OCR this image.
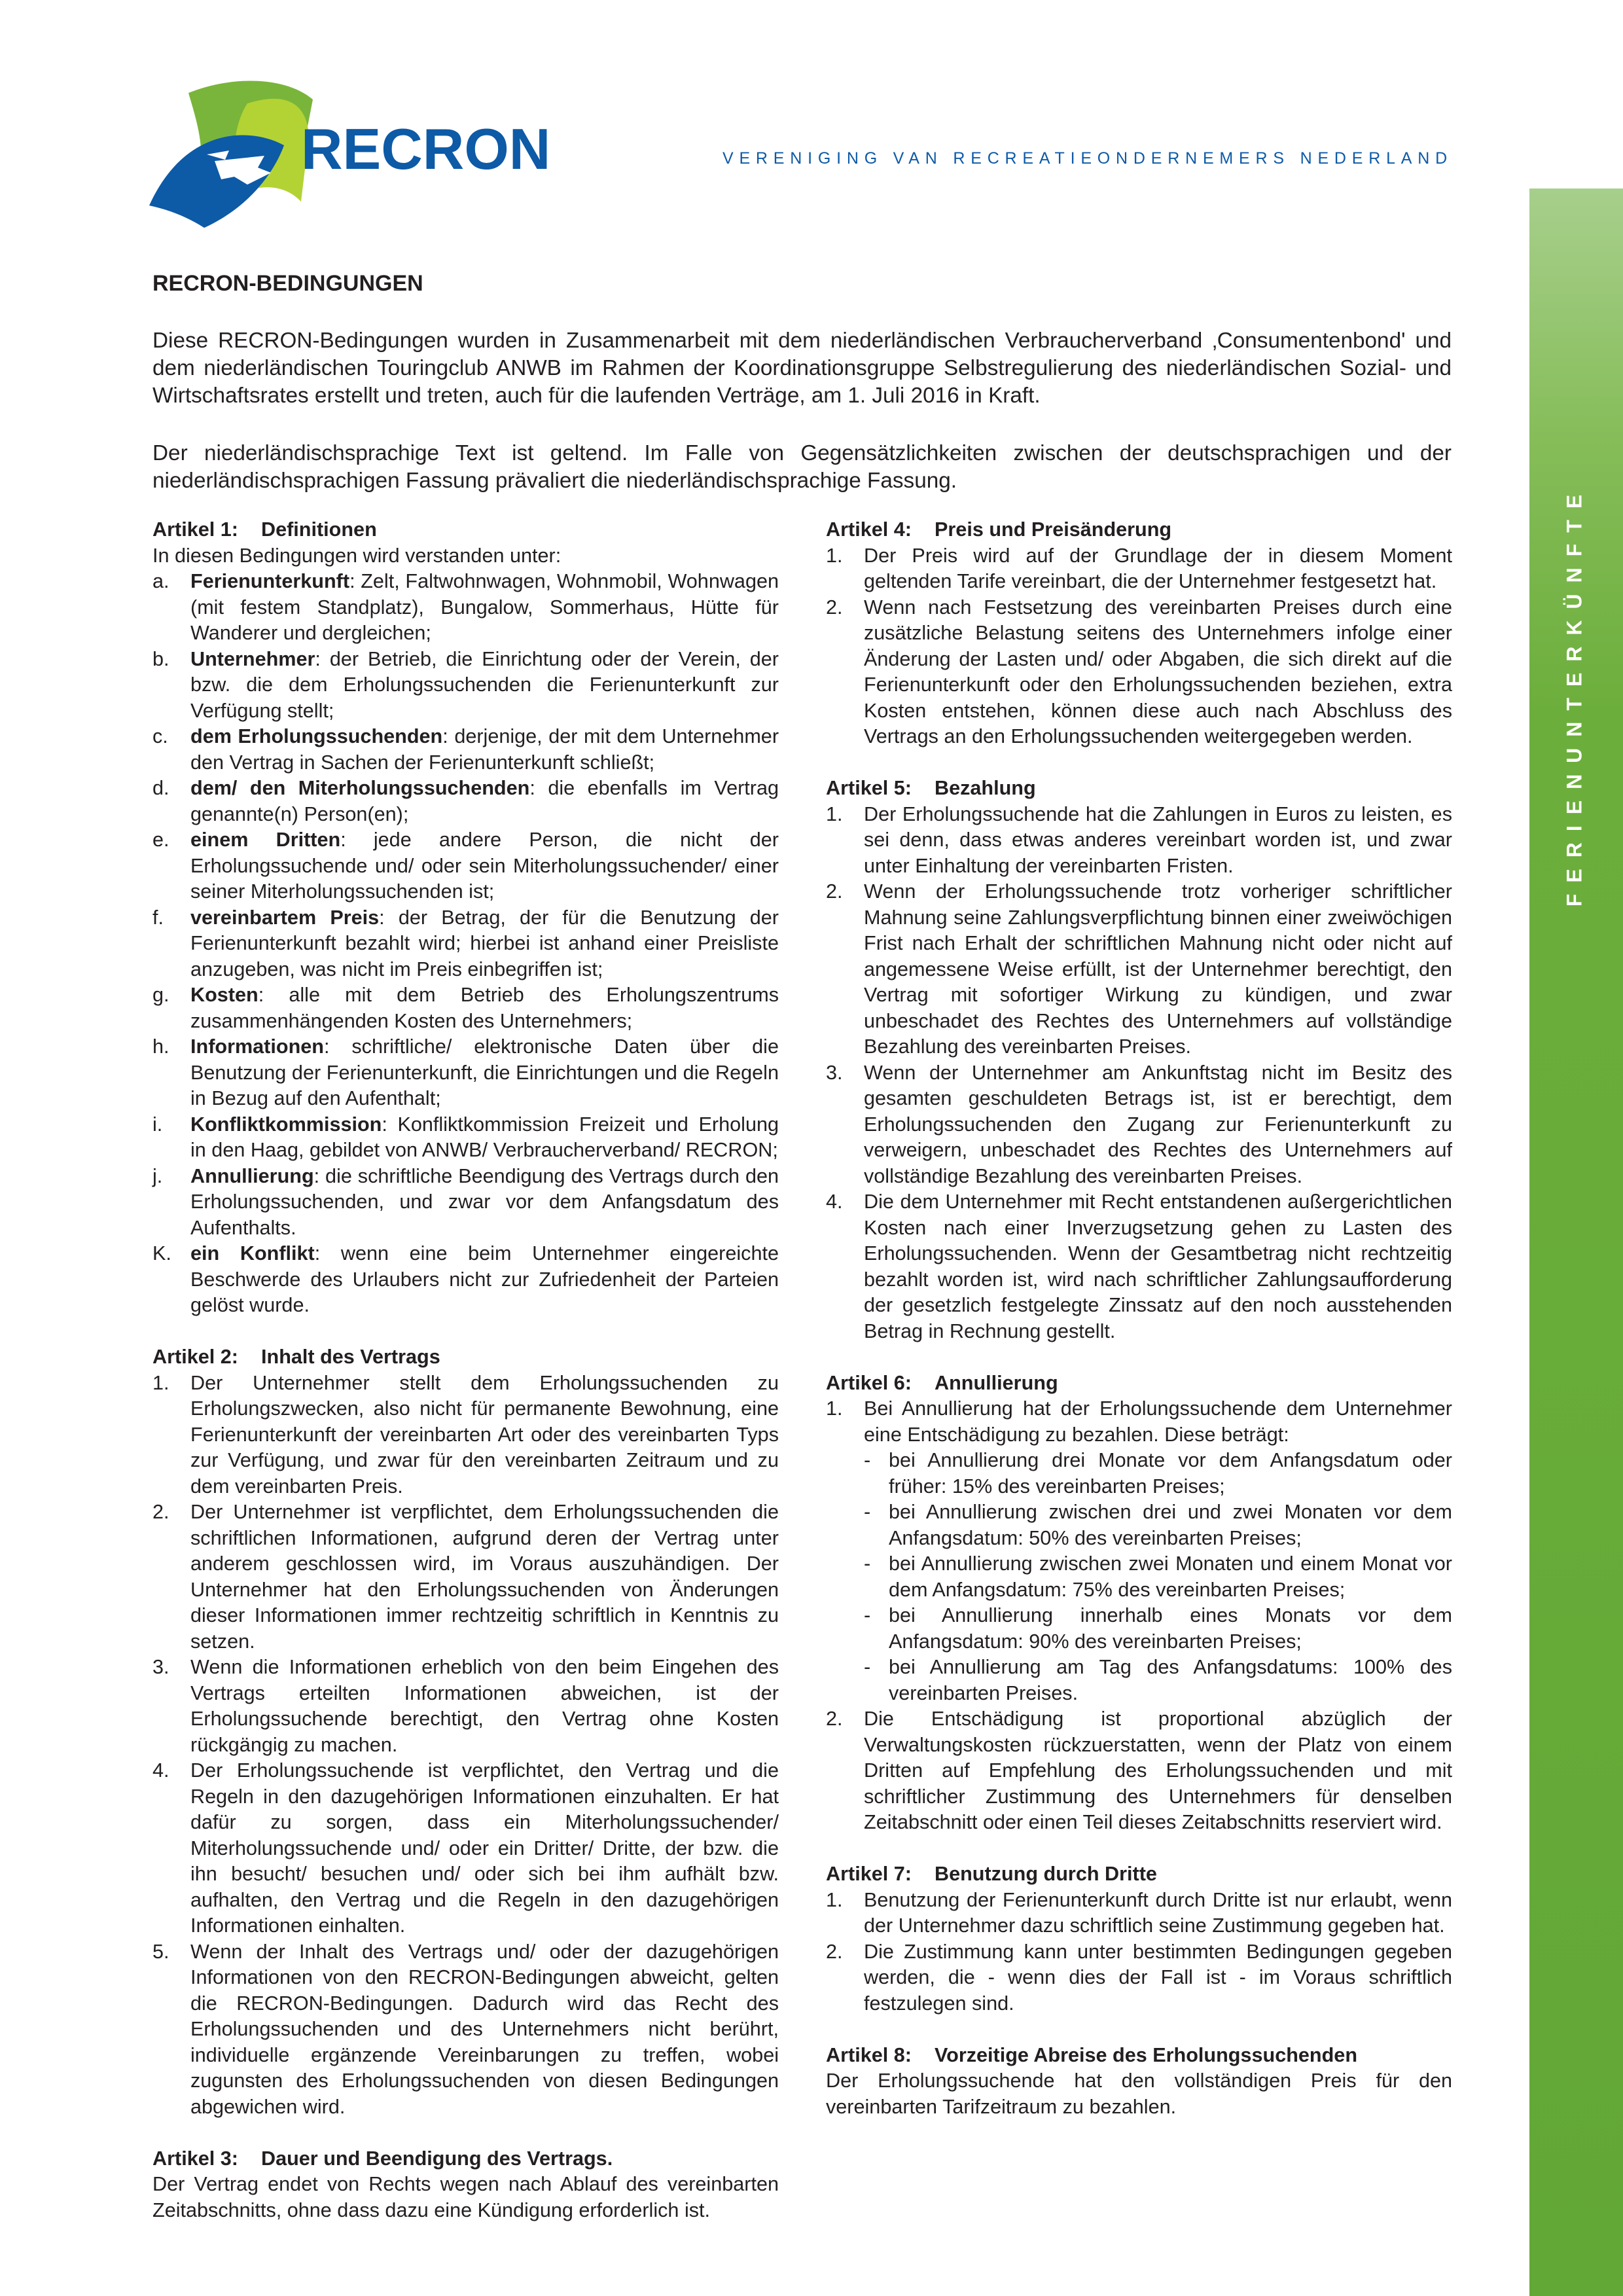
RECRON	VERENIGING VAN RECREATIEONDERNEMERS NEDERLAND
FERIENUNTERKÜNFTE
RECRON-BEDINGUNGEN

Diese RECRON-Bedingungen wurden in Zusammenarbeit mit dem niederländischen Verbraucherverband ‚Consumentenbond' und dem niederländischen Touringclub ANWB im Rahmen der Koordinationsgruppe Selbstregulierung des niederländischen Sozial- und Wirtschaftsrates erstellt und treten, auch für die laufenden Verträge, am 1. Juli 2016 in Kraft.

Der niederländischsprachige Text ist geltend. Im Falle von Gegensätzlichkeiten zwischen der deutschsprachigen und der niederländischsprachigen Fassung prävaliert die niederländischsprachige Fassung.

Artikel 1: Definitionen

In diesen Bedingungen wird verstanden unter:

a. Ferienunterkunft: Zelt, Faltwohnwagen, Wohnmobil, Wohnwagen (mit festem Standplatz), Bungalow, Sommerhaus, Hütte für Wanderer und dergleichen;
b. Unternehmer: der Betrieb, die Einrichtung oder der Verein, der bzw. die dem Erholungssuchenden die Ferienunterkunft zur Verfügung stellt;
c. dem Erholungssuchenden: derjenige, der mit dem Unternehmer den Vertrag in Sachen der Ferienunterkunft schließt;
d. dem/ den Miterholungssuchenden: die ebenfalls im Vertrag genannte(n) Person(en);
e. einem Dritten: jede andere Person, die nicht der Erholungssuchende und/ oder sein Miterholungssuchender/ einer seiner Miterholungssuchenden ist;
f. vereinbartem Preis: der Betrag, der für die Benutzung der Ferienunterkunft bezahlt wird; hierbei ist anhand einer Preisliste anzugeben, was nicht im Preis einbegriffen ist;
g. Kosten: alle mit dem Betrieb des Erholungszentrums zusammenhängenden Kosten des Unternehmers;
h. Informationen: schriftliche/ elektronische Daten über die Benutzung der Ferienunterkunft, die Einrichtungen und die Regeln in Bezug auf den Aufenthalt;
i. Konfliktkommission: Konfliktkommission Freizeit und Erholung in den Haag, gebildet von ANWB/ Verbraucherverband/ RECRON;
j. Annullierung: die schriftliche Beendigung des Vertrags durch den Erholungssuchenden, und zwar vor dem Anfangsdatum des Aufenthalts.
K. ein Konflikt: wenn eine beim Unternehmer eingereichte Beschwerde des Urlaubers nicht zur Zufriedenheit der Parteien gelöst wurde.
Artikel 2: Inhalt des Vertrags
1. Der Unternehmer stellt dem Erholungssuchenden zu Erholungszwecken, also nicht für permanente Bewohnung, eine Ferienunterkunft der vereinbarten Art oder des vereinbarten Typs zur Verfügung, und zwar für den vereinbarten Zeitraum und zu dem vereinbarten Preis.
2. Der Unternehmer ist verpflichtet, dem Erholungssuchenden die schriftlichen Informationen, aufgrund deren der Vertrag unter anderem geschlossen wird, im Voraus auszuhändigen. Der Unternehmer hat den Erholungssuchenden von Änderungen dieser Informationen immer rechtzeitig schriftlich in Kenntnis zu setzen.
3. Wenn die Informationen erheblich von den beim Eingehen des Vertrags erteilten Informationen abweichen, ist der Erholungssuchende berechtigt, den Vertrag ohne Kosten rückgängig zu machen.
4. Der Erholungssuchende ist verpflichtet, den Vertrag und die Regeln in den dazugehörigen Informationen einzuhalten. Er hat dafür zu sorgen, dass ein Miterholungssuchender/ Miterholungssuchende und/ oder ein Dritter/ Dritte, der bzw. die ihn besucht/ besuchen und/ oder sich bei ihm aufhält bzw. aufhalten, den Vertrag und die Regeln in den dazugehörigen Informationen einhalten.
5. Wenn der Inhalt des Vertrags und/ oder der dazugehörigen Informationen von den RECRON-Bedingungen abweicht, gelten die RECRON-Bedingungen. Dadurch wird das Recht des Erholungssuchenden und des Unternehmers nicht berührt, individuelle ergänzende Vereinbarungen zu treffen, wobei zugunsten des Erholungssuchenden von diesen Bedingungen abgewichen wird.
Artikel 3: Dauer und Beendigung des Vertrags.

Der Vertrag endet von Rechts wegen nach Ablauf des vereinbarten Zeitabschnitts, ohne dass dazu eine Kündigung erforderlich ist.

Artikel 4: Preis und Preisänderung
1. Der Preis wird auf der Grundlage der in diesem Moment geltenden Tarife vereinbart, die der Unternehmer festgesetzt hat.
2. Wenn nach Festsetzung des vereinbarten Preises durch eine zusätzliche Belastung seitens des Unternehmers infolge einer Änderung der Lasten und/ oder Abgaben, die sich direkt auf die Ferienunterkunft oder den Erholungssuchenden beziehen, extra Kosten entstehen, können diese auch nach Abschluss des Vertrags an den Erholungssuchenden weitergegeben werden.
Artikel 5: Bezahlung
1. Der Erholungssuchende hat die Zahlungen in Euros zu leisten, es sei denn, dass etwas anderes vereinbart worden ist, und zwar unter Einhaltung der vereinbarten Fristen.
2. Wenn der Erholungssuchende trotz vorheriger schriftlicher Mahnung seine Zahlungsverpflichtung binnen einer zweiwöchigen Frist nach Erhalt der schriftlichen Mahnung nicht oder nicht auf angemessene Weise erfüllt, ist der Unternehmer berechtigt, den Vertrag mit sofortiger Wirkung zu kündigen, und zwar unbeschadet des Rechtes des Unternehmers auf vollständige Bezahlung des vereinbarten Preises.
3. Wenn der Unternehmer am Ankunftstag nicht im Besitz des gesamten geschuldeten Betrags ist, ist er berechtigt, dem Erholungssuchenden den Zugang zur Ferienunterkunft zu verweigern, unbeschadet des Rechtes des Unternehmers auf vollständige Bezahlung des vereinbarten Preises.
4. Die dem Unternehmer mit Recht entstandenen außergerichtlichen Kosten nach einer Inverzugsetzung gehen zu Lasten des Erholungssuchenden. Wenn der Gesamtbetrag nicht rechtzeitig bezahlt worden ist, wird nach schriftlicher Zahlungsaufforderung der gesetzlich festgelegte Zinssatz auf den noch ausstehenden Betrag in Rechnung gestellt.
Artikel 6: Annullierung
1. Bei Annullierung hat der Erholungssuchende dem Unternehmer eine Entschädigung zu bezahlen. Diese beträgt:
- bei Annullierung drei Monate vor dem Anfangsdatum oder früher: 15% des vereinbarten Preises;
- bei Annullierung zwischen drei und zwei Monaten vor dem Anfangsdatum: 50% des vereinbarten Preises;
- bei Annullierung zwischen zwei Monaten und einem Monat vor dem Anfangsdatum: 75% des vereinbarten Preises;
- bei Annullierung innerhalb eines Monats vor dem Anfangsdatum: 90% des vereinbarten Preises;
- bei Annullierung am Tag des Anfangsdatums: 100% des vereinbarten Preises.
2. Die Entschädigung ist proportional abzüglich der Verwaltungskosten rückzuerstatten, wenn der Platz von einem Dritten auf Empfehlung des Erholungssuchenden und mit schriftlicher Zustimmung des Unternehmers für denselben Zeitabschnitt oder einen Teil dieses Zeitabschnitts reserviert wird.
Artikel 7: Benutzung durch Dritte
1. Benutzung der Ferienunterkunft durch Dritte ist nur erlaubt, wenn der Unternehmer dazu schriftlich seine Zustimmung gegeben hat.
2. Die Zustimmung kann unter bestimmten Bedingungen gegeben werden, die - wenn dies der Fall ist - im Voraus schriftlich festzulegen sind.
Artikel 8: Vorzeitige Abreise des Erholungssuchenden

Der Erholungssuchende hat den vollständigen Preis für den vereinbarten Tarifzeitraum zu bezahlen.
